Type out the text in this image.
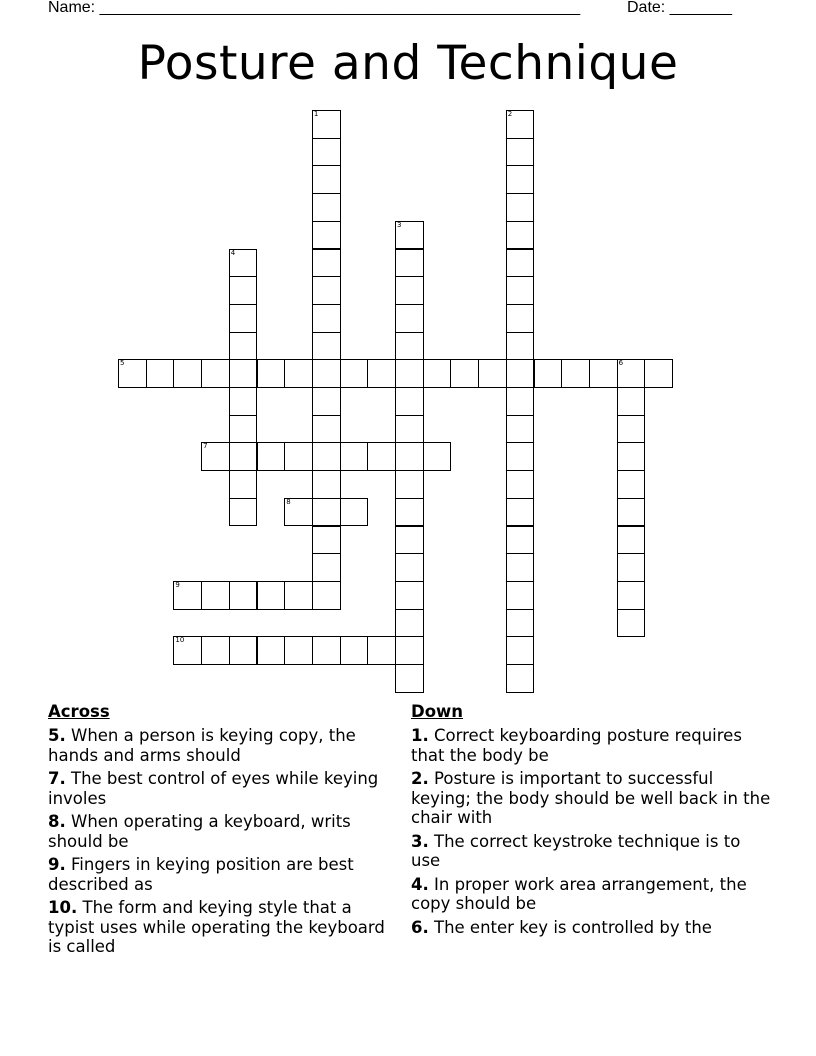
Name: ______________________________________________________	Date: _______
Posture and Technique
1	2
3
4
5	6
7
8
9
10
Across
5. When a person is keying copy, the hands and arms should
7. The best control of eyes while keying involes
8. When operating a keyboard, writs should be
9. Fingers in keying position are best described as
10. The form and keying style that a typist uses while operating the keyboard is called
Down
1. Correct keyboarding posture requires that the body be
2. Posture is important to successful keying; the body should be well back in the chair with
3. The correct keystroke technique is to use
4. In proper work area arrangement, the copy should be
6. The enter key is controlled by the
